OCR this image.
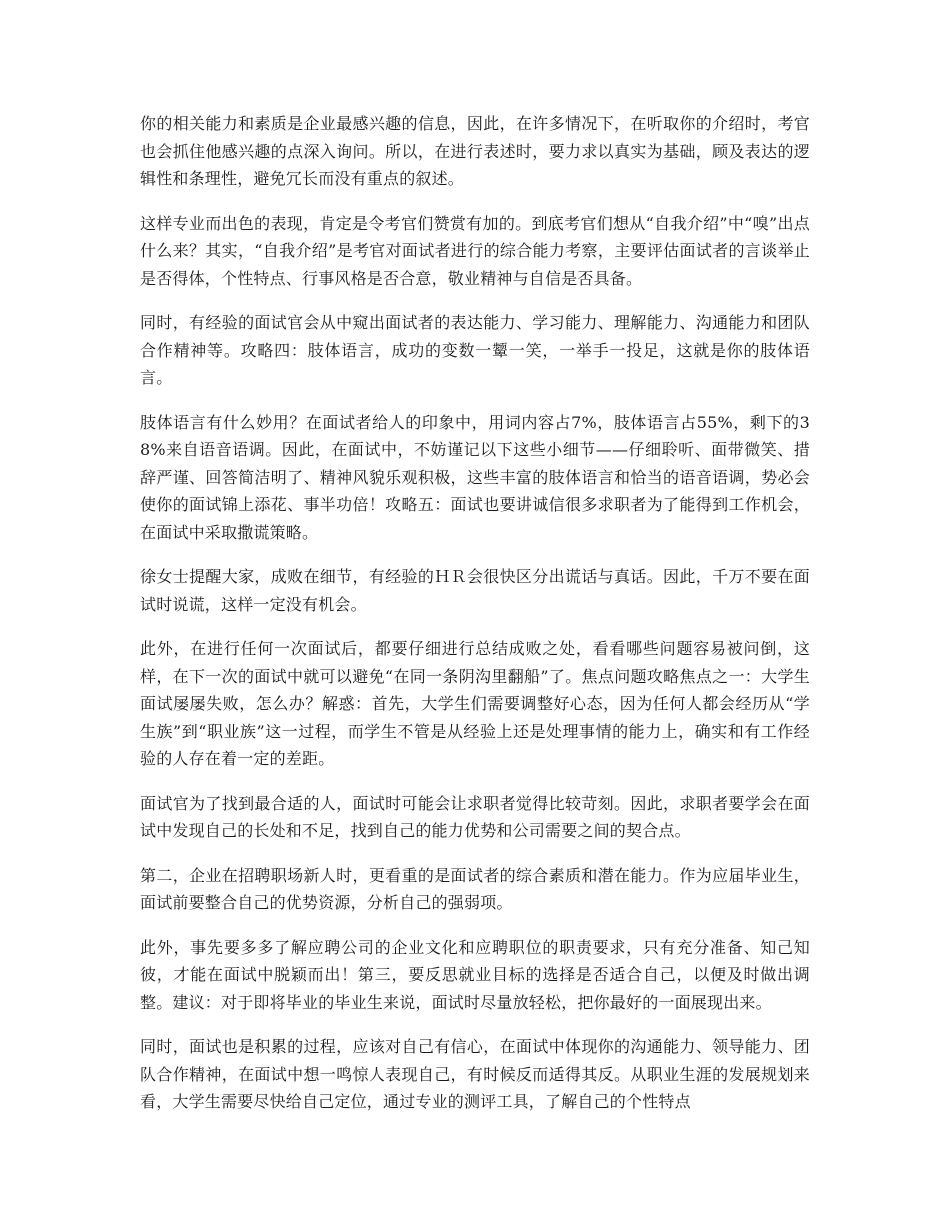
你的相关能力和素质是企业最感兴趣的信息，因此，在许多情况下，在听取你的介绍时，考官也会抓住他感兴趣的点深入询问。所以，在进行表述时，要力求以真实为基础，顾及表达的逻辑性和条理性，避免冗长而没有重点的叙述。

这样专业而出色的表现，肯定是令考官们赞赏有加的。到底考官们想从“自我介绍”中“嗅”出点什么来？其实，“自我介绍”是考官对面试者进行的综合能力考察，主要评估面试者的言谈举止是否得体，个性特点、行事风格是否合意，敬业精神与自信是否具备。

同时，有经验的面试官会从中窥出面试者的表达能力、学习能力、理解能力、沟通能力和团队合作精神等。攻略四：肢体语言，成功的变数一颦一笑，一举手一投足，这就是你的肢体语言。

肢体语言有什么妙用？在面试者给人的印象中，用词内容占7%，肢体语言占55%，剩下的38%来自语音语调。因此，在面试中，不妨谨记以下这些小细节——仔细聆听、面带微笑、措辞严谨、回答简洁明了、精神风貌乐观积极，这些丰富的肢体语言和恰当的语音语调，势必会使你的面试锦上添花、事半功倍！攻略五：面试也要讲诚信很多求职者为了能得到工作机会，在面试中采取撒谎策略。

徐女士提醒大家，成败在细节，有经验的ＨＲ会很快区分出谎话与真话。因此，千万不要在面试时说谎，这样一定没有机会。

此外，在进行任何一次面试后，都要仔细进行总结成败之处，看看哪些问题容易被问倒，这样，在下一次的面试中就可以避免“在同一条阴沟里翻船”了。焦点问题攻略焦点之一：大学生面试屡屡失败，怎么办？解惑：首先，大学生们需要调整好心态，因为任何人都会经历从“学生族”到“职业族”这一过程，而学生不管是从经验上还是处理事情的能力上，确实和有工作经验的人存在着一定的差距。

面试官为了找到最合适的人，面试时可能会让求职者觉得比较苛刻。因此，求职者要学会在面试中发现自己的长处和不足，找到自己的能力优势和公司需要之间的契合点。

第二，企业在招聘职场新人时，更看重的是面试者的综合素质和潜在能力。作为应届毕业生，面试前要整合自己的优势资源，分析自己的强弱项。

此外，事先要多多了解应聘公司的企业文化和应聘职位的职责要求，只有充分准备、知己知彼，才能在面试中脱颖而出！第三，要反思就业目标的选择是否适合自己，以便及时做出调整。建议：对于即将毕业的毕业生来说，面试时尽量放轻松，把你最好的一面展现出来。

同时，面试也是积累的过程，应该对自己有信心，在面试中体现你的沟通能力、领导能力、团队合作精神，在面试中想一鸣惊人表现自己，有时候反而适得其反。从职业生涯的发展规划来看，大学生需要尽快给自己定位，通过专业的测评工具，了解自己的个性特点
